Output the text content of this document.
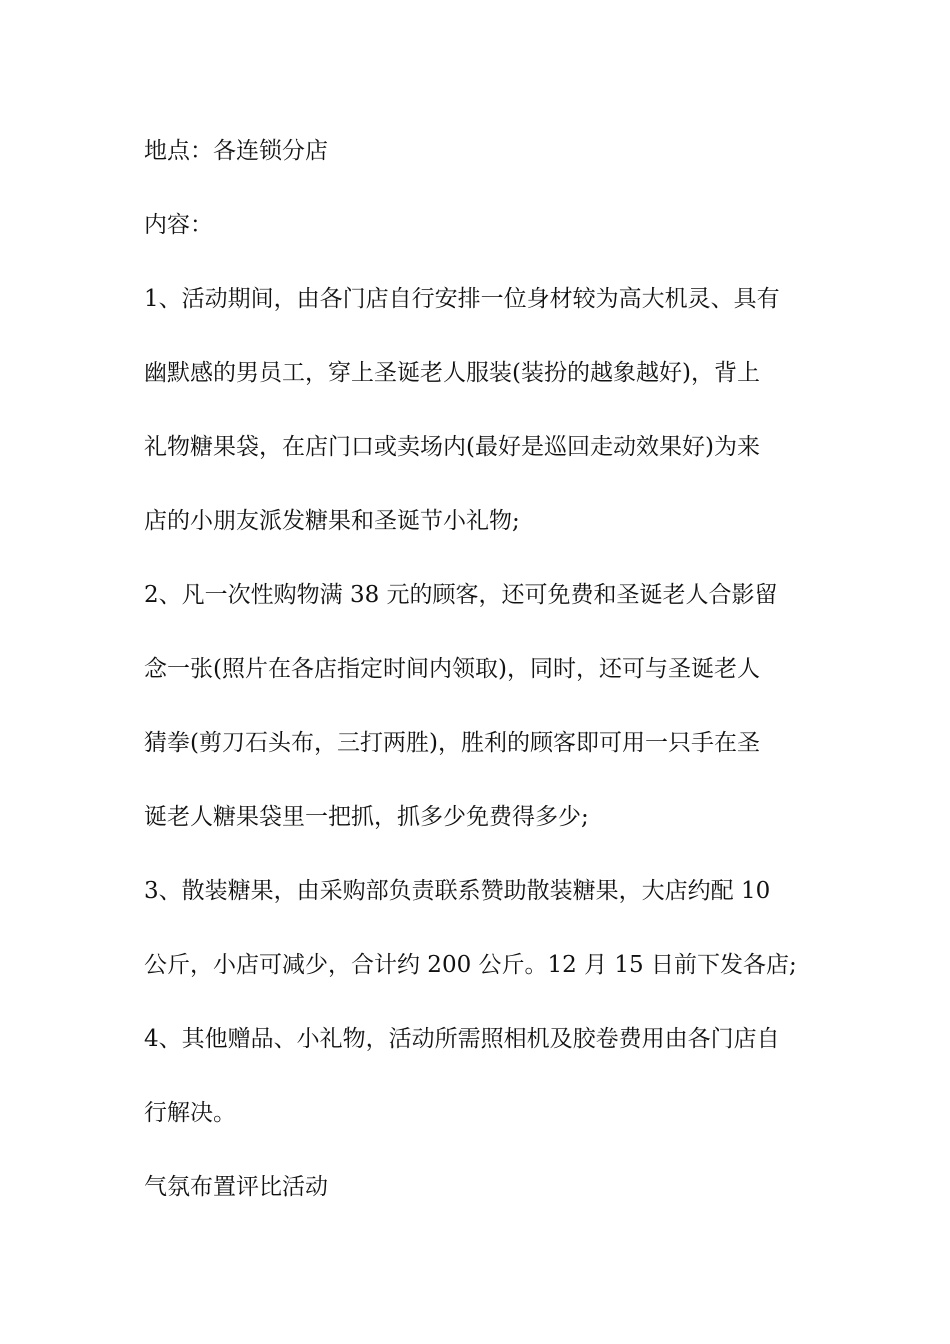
地点：各连锁分店
内容：
1、活动期间，由各门店自行安排一位身材较为高大机灵、具有
幽默感的男员工，穿上圣诞老人服装(装扮的越象越好)，背上
礼物糖果袋，在店门口或卖场内(最好是巡回走动效果好)为来
店的小朋友派发糖果和圣诞节小礼物;
2、凡一次性购物满 38 元的顾客，还可免费和圣诞老人合影留
念一张(照片在各店指定时间内领取)，同时，还可与圣诞老人
猜拳(剪刀石头布，三打两胜)，胜利的顾客即可用一只手在圣
诞老人糖果袋里一把抓，抓多少免费得多少;
3、散装糖果，由采购部负责联系赞助散装糖果，大店约配 10
公斤，小店可减少，合计约 200 公斤。12 月 15 日前下发各店;
4、其他赠品、小礼物，活动所需照相机及胶卷费用由各门店自
行解决。
气氛布置评比活动
